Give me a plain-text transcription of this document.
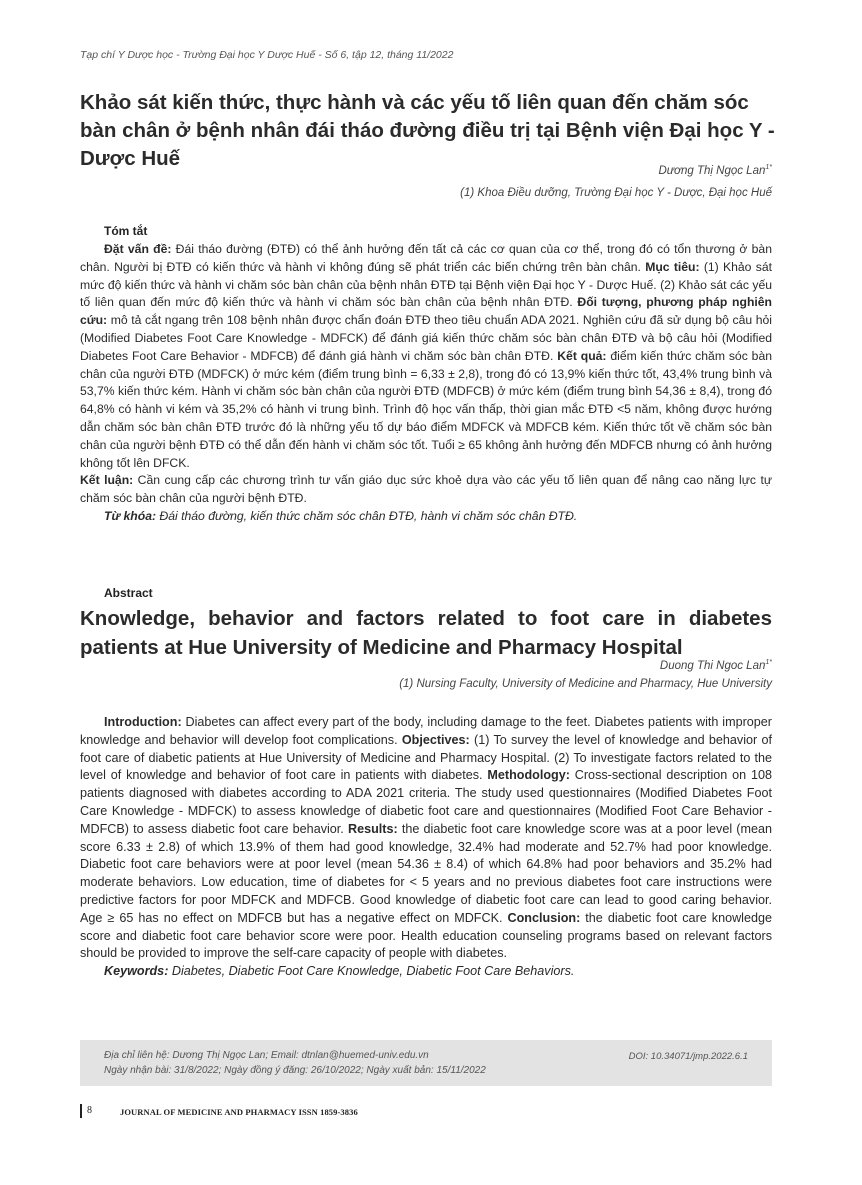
Tạp chí Y Dược học - Trường Đại học Y Dược Huế - Số 6, tập 12, tháng 11/2022
Khảo sát kiến thức, thực hành và các yếu tố liên quan đến chăm sóc bàn chân ở bệnh nhân đái tháo đường điều trị tại Bệnh viện Đại học Y - Dược Huế
Dương Thị Ngọc Lan$^{1*}$
(1) Khoa Điều dưỡng, Trường Đại học Y - Dược, Đại học Huế
Tóm tắt

Đặt vấn đề: Đái tháo đường (ĐTĐ) có thể ảnh hưởng đến tất cả các cơ quan của cơ thể, trong đó có tổn thương ở bàn chân. Người bị ĐTĐ có kiến thức và hành vi không đúng sẽ phát triển các biến chứng trên bàn chân. Mục tiêu: (1) Khảo sát mức độ kiến thức và hành vi chăm sóc bàn chân của bệnh nhân ĐTĐ tại Bệnh viện Đại học Y - Dược Huế. (2) Khảo sát các yếu tố liên quan đến mức độ kiến thức và hành vi chăm sóc bàn chân của bệnh nhân ĐTĐ. Đối tượng, phương pháp nghiên cứu: mô tả cắt ngang trên 108 bệnh nhân được chẩn đoán ĐTĐ theo tiêu chuẩn ADA 2021. Nghiên cứu đã sử dụng bộ câu hỏi (Modified Diabetes Foot Care Knowledge - MDFCK) để đánh giá kiến thức chăm sóc bàn chân ĐTĐ và bộ câu hỏi (Modified Diabetes Foot Care Behavior - MDFCB) để đánh giá hành vi chăm sóc bàn chân ĐTĐ. Kết quả: điểm kiến thức chăm sóc bàn chân của người ĐTĐ (MDFCK) ở mức kém (điểm trung bình = 6,33 ± 2,8), trong đó có 13,9% kiến thức tốt, 43,4% trung bình và 53,7% kiến thức kém. Hành vi chăm sóc bàn chân của người ĐTĐ (MDFCB) ở mức kém (điểm trung bình 54,36 ± 8,4), trong đó 64,8% có hành vi kém và 35,2% có hành vi trung bình. Trình độ học vấn thấp, thời gian mắc ĐTĐ <5 năm, không được hướng dẫn chăm sóc bàn chân ĐTĐ trước đó là những yếu tố dự báo điểm MDFCK và MDFCB kém. Kiến thức tốt về chăm sóc bàn chân của người bệnh ĐTĐ có thể dẫn đến hành vi chăm sóc tốt. Tuổi ≥ 65 không ảnh hưởng đến MDFCB nhưng có ảnh hưởng không tốt lên DFCK.

Kết luận: Cần cung cấp các chương trình tư vấn giáo dục sức khoẻ dựa vào các yếu tố liên quan để nâng cao năng lực tự chăm sóc bàn chân của người bệnh ĐTĐ.

Từ khóa: Đái tháo đường, kiến thức chăm sóc chân ĐTĐ, hành vi chăm sóc chân ĐTĐ.

Abstract
Knowledge, behavior and factors related to foot care in diabetes patients at Hue University of Medicine and Pharmacy Hospital
Duong Thi Ngoc Lan$^{1*}$
(1) Nursing Faculty, University of Medicine and Pharmacy, Hue University

Introduction: Diabetes can affect every part of the body, including damage to the feet. Diabetes patients with improper knowledge and behavior will develop foot complications. Objectives: (1) To survey the level of knowledge and behavior of foot care of diabetic patients at Hue University of Medicine and Pharmacy Hospital. (2) To investigate factors related to the level of knowledge and behavior of foot care in patients with diabetes. Methodology: Cross-sectional description on 108 patients diagnosed with diabetes according to ADA 2021 criteria. The study used questionnaires (Modified Diabetes Foot Care Knowledge - MDFCK) to assess knowledge of diabetic foot care and questionnaires (Modified Foot Care Behavior - MDFCB) to assess diabetic foot care behavior. Results: the diabetic foot care knowledge score was at a poor level (mean score 6.33 ± 2.8) of which 13.9% of them had good knowledge, 32.4% had moderate and 52.7% had poor knowledge. Diabetic foot care behaviors were at poor level (mean 54.36 ± 8.4) of which 64.8% had poor behaviors and 35.2% had moderate behaviors. Low education, time of diabetes for < 5 years and no previous diabetes foot care instructions were predictive factors for poor MDFCK and MDFCB. Good knowledge of diabetic foot care can lead to good caring behavior. Age ≥ 65 has no effect on MDFCB but has a negative effect on MDFCK. Conclusion: the diabetic foot care knowledge score and diabetic foot care behavior score were poor. Health education counseling programs based on relevant factors should be provided to improve the self-care capacity of people with diabetes.

Keywords: Diabetes, Diabetic Foot Care Knowledge, Diabetic Foot Care Behaviors.

Địa chỉ liên hệ: Dương Thị Ngọc Lan; Email: dtnlan@huemed-univ.edu.vn	DOI: 10.34071/jmp.2022.6.1
Ngày nhận bài: 31/8/2022; Ngày đồng ý đăng: 26/10/2022; Ngày xuất bản: 15/11/2022
8	JOURNAL OF MEDICINE AND PHARMACY ISSN 1859-3836
